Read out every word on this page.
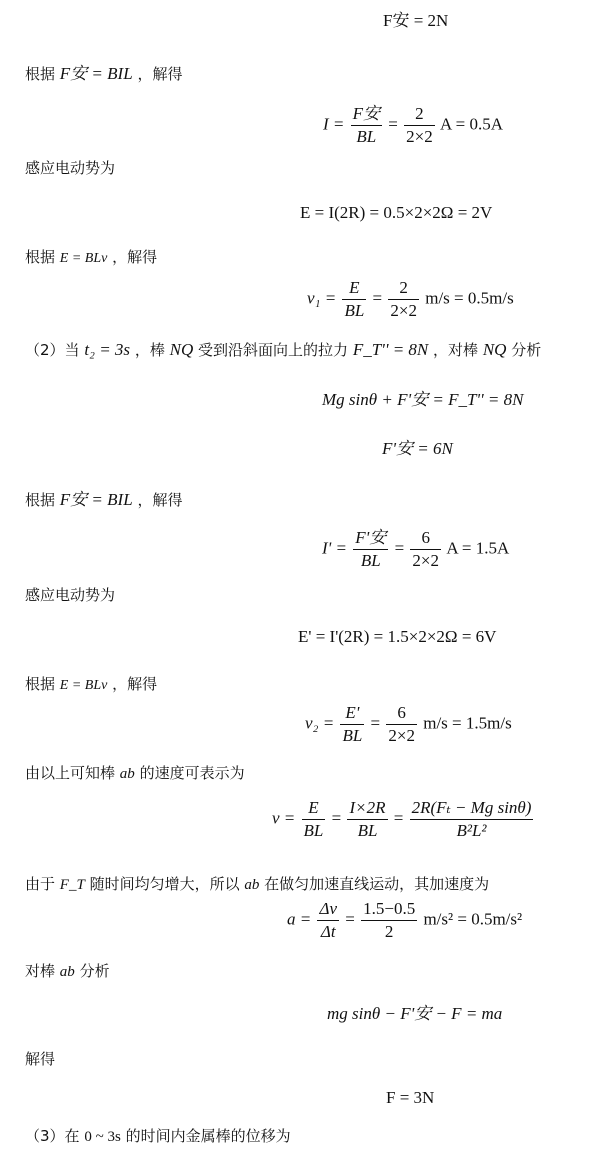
F安 = 2N
根据 F安 = BIL ，解得
$I = \frac{\text{F安}}{BL} = \frac{2}{2\times 2}$ A = 0.5A
感应电动势为
E = I(2R) = 0.5×2×2Ω = 2V
根据 E = BLv ，解得
$v_1 = \frac{E}{BL} = \frac{2}{2\times 2} m/s = 0.5m/s$
（2）当 t₂ = 3s ，棒 NQ 受到沿斜面向上的拉力 F_T'' = 8N ，对棒 NQ 分析
Mg sinθ + F'安 = F_T'' = 8N
F'安 = 6N
根据 F安 = BIL ，解得
$I' = \frac{\text{F'安}}{BL} = \frac{6}{2\times 2}$ A = 1.5A
感应电动势为
E' = I'(2R) = 1.5×2×2Ω = 6V
根据 E = BLv ，解得
$v_2 = \frac{E'}{BL} = \frac{6}{2\times 2} m/s = 1.5m/s$
由以上可知棒 ab 的速度可表示为
$v = \frac{E}{BL} = \frac{I\times 2R}{BL} = \frac{\text{2R(Fₜ − Mg sinθ)}}{\text{B²L²}}$
由于 F_T 随时间均匀增大，所以 ab 在做匀加速直线运动，其加速度为
$a = \frac{\Delta v}{\Delta t} = \frac{1.5-0.5}{2} m/s^2 = 0.5m/s^2$
对棒 ab 分析
mg sinθ − F'安 − F = ma
解得
F = 3N
（3）在 0 ~ 3s 的时间内金属棒的位移为
